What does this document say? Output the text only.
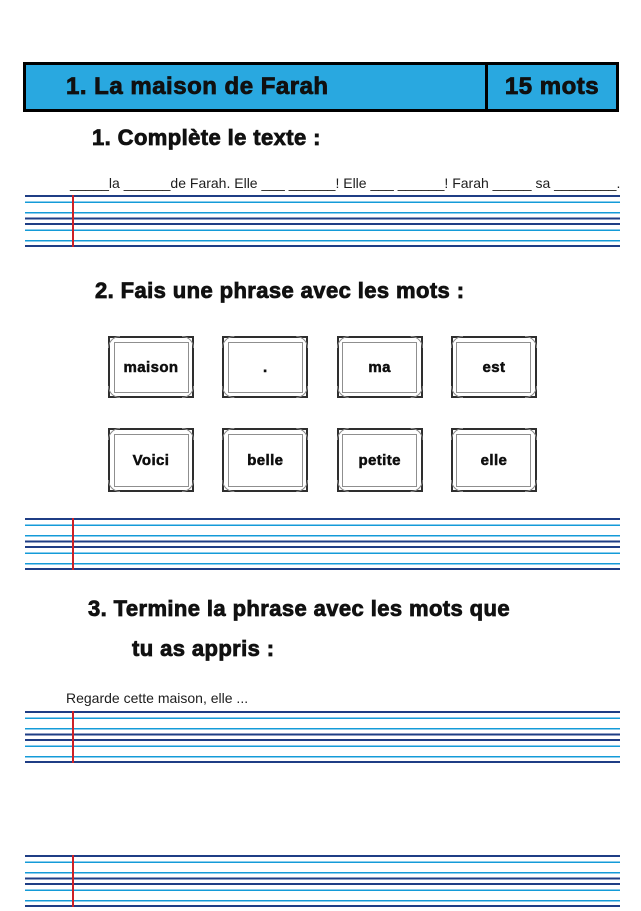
1. La maison de Farah	15 mots
1. Complète le texte :
_____la ______de Farah. Elle ___ ______! Elle ___ ______! Farah _____ sa ________.
2. Fais une phrase avec les mots :
maison	.	ma	est
Voici	belle	petite	elle
3. Termine la phrase avec les mots que
tu as appris :
Regarde cette maison, elle ...
